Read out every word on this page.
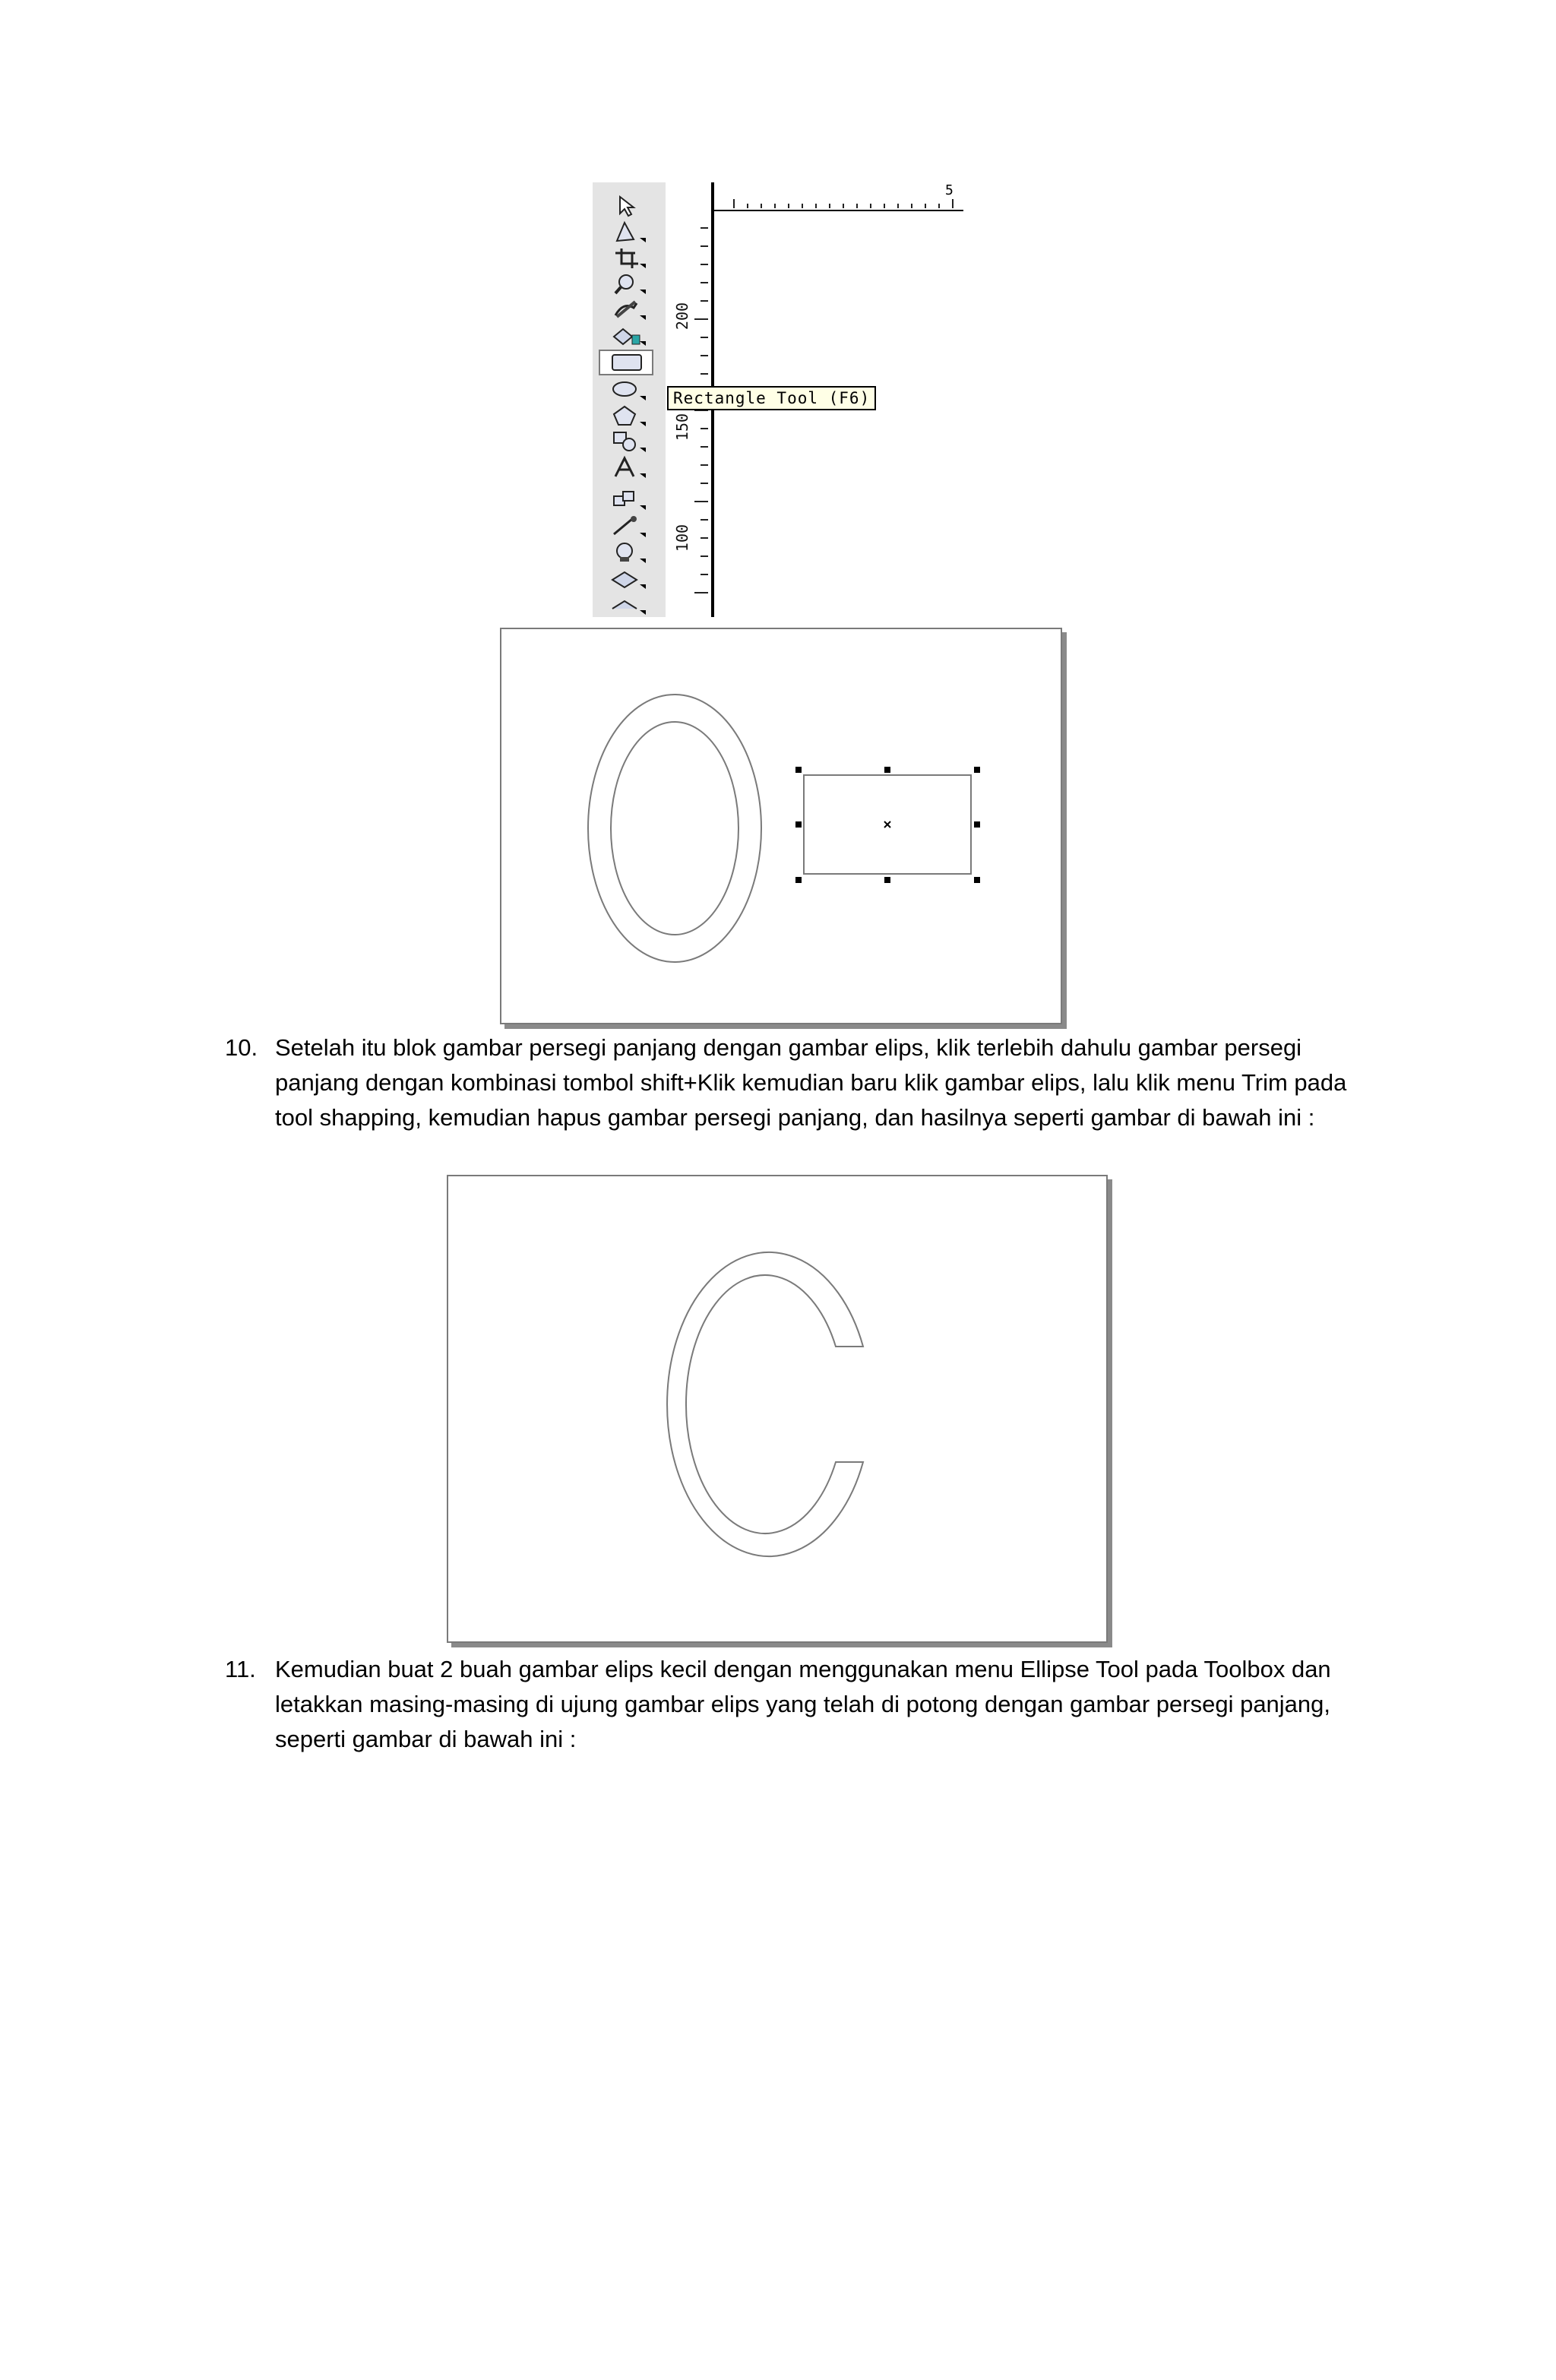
5
200
150
100
Rectangle Tool (F6)
10. Setelah itu blok gambar persegi panjang dengan gambar elips, klik terlebih dahulu gambar persegi panjang dengan kombinasi tombol shift+Klik kemudian baru klik gambar elips, lalu klik menu Trim pada tool shapping, kemudian hapus gambar persegi panjang, dan hasilnya seperti gambar di bawah ini :
11. Kemudian buat 2 buah gambar elips kecil dengan menggunakan menu Ellipse Tool pada Toolbox dan letakkan masing-masing di ujung gambar elips yang telah di potong dengan gambar persegi panjang, seperti gambar di bawah ini :
